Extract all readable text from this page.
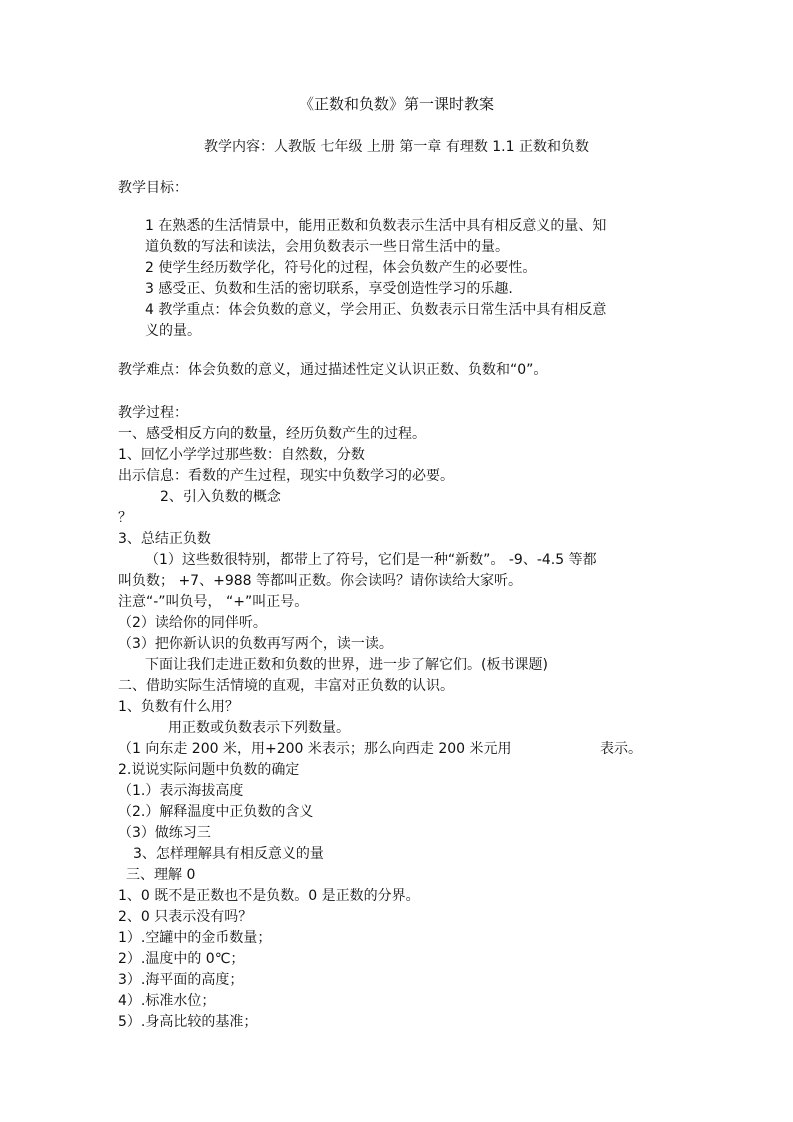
《正数和负数》第一课时教案
教学内容：人教版 七年级 上册 第一章 有理数 1.1 正数和负数
教学目标：
1 在熟悉的生活情景中，能用正数和负数表示生活中具有相反意义的量、知
道负数的写法和读法，会用负数表示一些日常生活中的量。
2 使学生经历数学化，符号化的过程，体会负数产生的必要性。
3 感受正、负数和生活的密切联系，享受创造性学习的乐趣.
4 教学重点：体会负数的意义，学会用正、负数表示日常生活中具有相反意
义的量。
教学难点：体会负数的意义，通过描述性定义认识正数、负数和“0”。
教学过程：
一、感受相反方向的数量，经历负数产生的过程。
1、回忆小学学过那些数：自然数，分数
出示信息：看数的产生过程，现实中负数学习的必要。
2、引入负数的概念
？
3、总结正负数
（1）这些数很特别，都带上了符号，它们是一种“新数”。 -9、-4.5 等都
叫负数； +7、+988 等都叫正数。你会读吗？请你读给大家听。
注意“-”叫负号， “+”叫正号。
（2）读给你的同伴听。
（3）把你新认识的负数再写两个，读一读。
下面让我们走进正数和负数的世界，进一步了解它们。(板书课题)
二、借助实际生活情境的直观，丰富对正负数的认识。
1、负数有什么用？
用正数或负数表示下列数量。
（1 向东走 200 米，用+200 米表示；那么向西走 200 米元用	表示。
2.说说实际问题中负数的确定
（1.）表示海拔高度
（2.）解释温度中正负数的含义
（3）做练习三
3、怎样理解具有相反意义的量
三、理解 0
1、0 既不是正数也不是负数。0 是正数的分界。
2、0 只表示没有吗？
1）.空罐中的金币数量；
2）.温度中的 0℃；
3）.海平面的高度；
4）.标准水位；
5）.身高比较的基准；
